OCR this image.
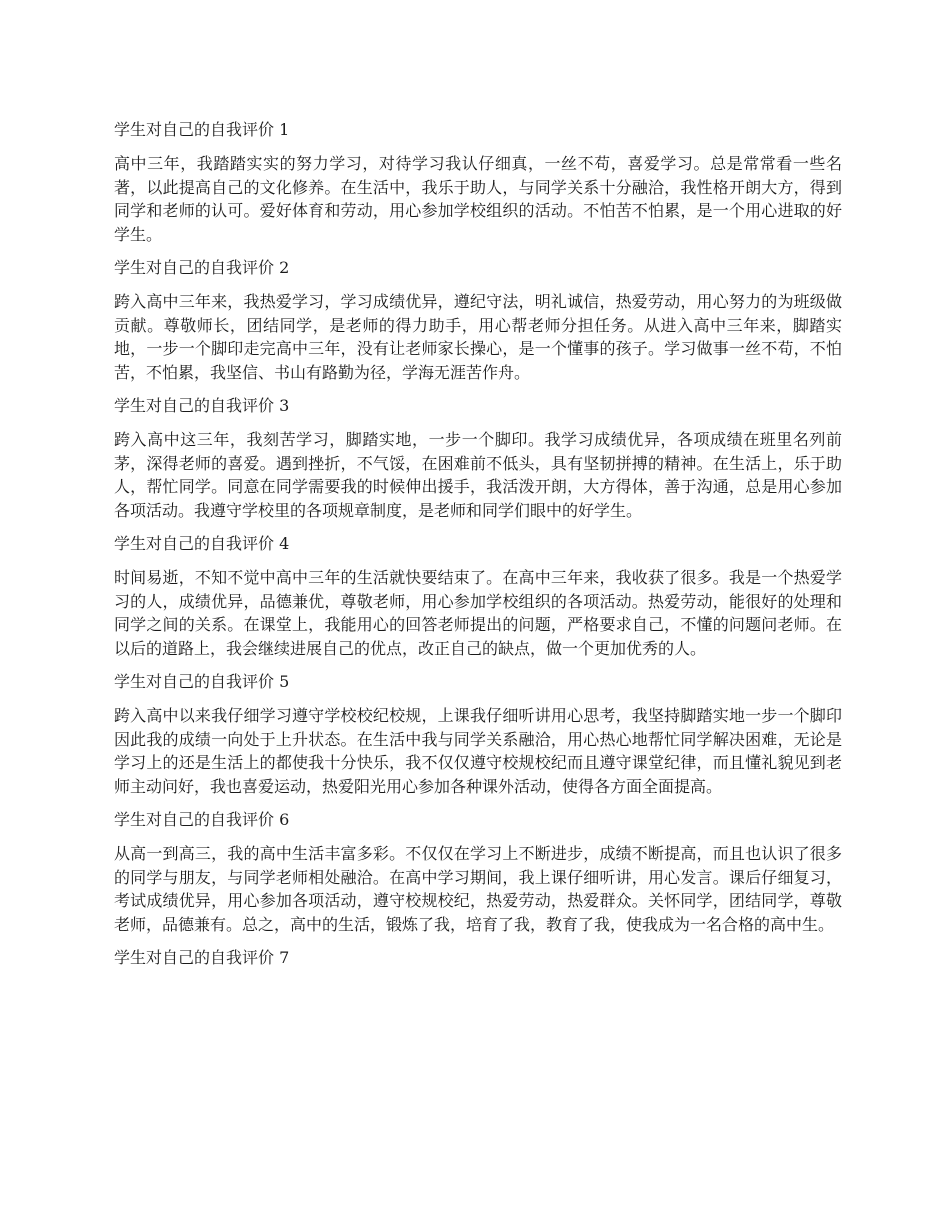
学生对自己的自我评价 1
高中三年，我踏踏实实的努力学习，对待学习我认仔细真，一丝不苟，喜爱学习。总是常常看一些名著，以此提高自己的文化修养。在生活中，我乐于助人，与同学关系十分融洽，我性格开朗大方，得到同学和老师的认可。爱好体育和劳动，用心参加学校组织的活动。不怕苦不怕累，是一个用心进取的好学生。
学生对自己的自我评价 2
跨入高中三年来，我热爱学习，学习成绩优异，遵纪守法，明礼诚信，热爱劳动，用心努力的为班级做贡献。尊敬师长，团结同学，是老师的得力助手，用心帮老师分担任务。从进入高中三年来，脚踏实地，一步一个脚印走完高中三年，没有让老师家长操心，是一个懂事的孩子。学习做事一丝不苟，不怕苦，不怕累，我坚信、书山有路勤为径，学海无涯苦作舟。
学生对自己的自我评价 3
跨入高中这三年，我刻苦学习，脚踏实地，一步一个脚印。我学习成绩优异，各项成绩在班里名列前茅，深得老师的喜爱。遇到挫折，不气馁，在困难前不低头，具有坚韧拼搏的精神。在生活上，乐于助人，帮忙同学。同意在同学需要我的时候伸出援手，我活泼开朗，大方得体，善于沟通，总是用心参加各项活动。我遵守学校里的各项规章制度，是老师和同学们眼中的好学生。
学生对自己的自我评价 4
时间易逝，不知不觉中高中三年的生活就快要结束了。在高中三年来，我收获了很多。我是一个热爱学习的人，成绩优异，品德兼优，尊敬老师，用心参加学校组织的各项活动。热爱劳动，能很好的处理和同学之间的关系。在课堂上，我能用心的回答老师提出的问题，严格要求自己，不懂的问题问老师。在以后的道路上，我会继续进展自己的优点，改正自己的缺点，做一个更加优秀的人。
学生对自己的自我评价 5
跨入高中以来我仔细学习遵守学校校纪校规，上课我仔细听讲用心思考，我坚持脚踏实地一步一个脚印因此我的成绩一向处于上升状态。在生活中我与同学关系融洽，用心热心地帮忙同学解决困难，无论是学习上的还是生活上的都使我十分快乐，我不仅仅遵守校规校纪而且遵守课堂纪律，而且懂礼貌见到老师主动问好，我也喜爱运动，热爱阳光用心参加各种课外活动，使得各方面全面提高。
学生对自己的自我评价 6
从高一到高三，我的高中生活丰富多彩。不仅仅在学习上不断进步，成绩不断提高，而且也认识了很多的同学与朋友，与同学老师相处融洽。在高中学习期间，我上课仔细听讲，用心发言。课后仔细复习，考试成绩优异，用心参加各项活动，遵守校规校纪，热爱劳动，热爱群众。关怀同学，团结同学，尊敬老师，品德兼有。总之，高中的生活，锻炼了我，培育了我，教育了我，使我成为一名合格的高中生。
学生对自己的自我评价 7
